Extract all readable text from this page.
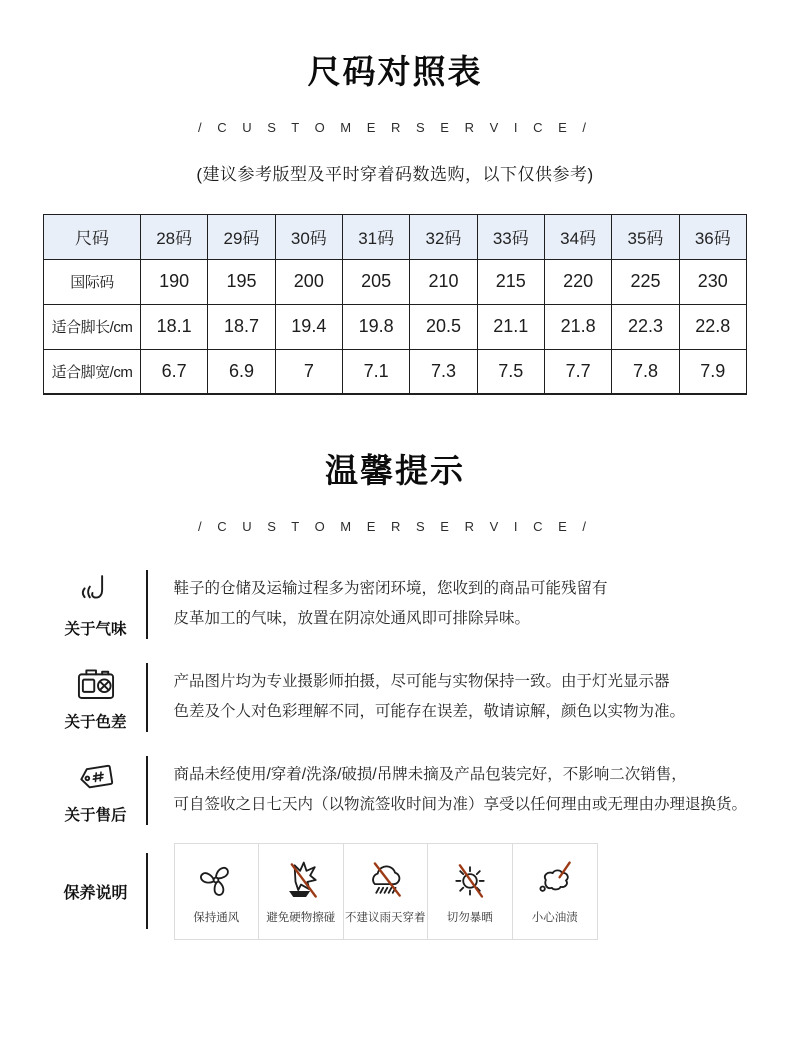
尺码对照表
/ C U S T O M E R S E R V I C E /
(建议参考版型及平时穿着码数选购，以下仅供参考)
尺码	28码	29码	30码	31码	32码	33码	34码	35码	36码
国际码	190	195	200	205	210	215	220	225	230
适合脚长/cm	18.1	18.7	19.4	19.8	20.5	21.1	21.8	22.3	22.8
适合脚宽/cm	6.7	6.9	7	7.1	7.3	7.5	7.7	7.8	7.9
温馨提示
/ C U S T O M E R S E R V I C E /
关于气味
鞋子的仓储及运输过程多为密闭环境，您收到的商品可能残留有
皮革加工的气味，放置在阴凉处通风即可排除异味。
关于色差
产品图片均为专业摄影师拍摄，尽可能与实物保持一致。由于灯光显示器
色差及个人对色彩理解不同，可能存在误差，敬请谅解，颜色以实物为准。
关于售后
商品未经使用/穿着/洗涤/破损/吊牌未摘及产品包装完好，不影响二次销售，
可自签收之日七天内（以物流签收时间为准）享受以任何理由或无理由办理退换货。
保养说明
保持通风 避免硬物擦碰 不建议雨天穿着 切勿暴晒	小心油渍
